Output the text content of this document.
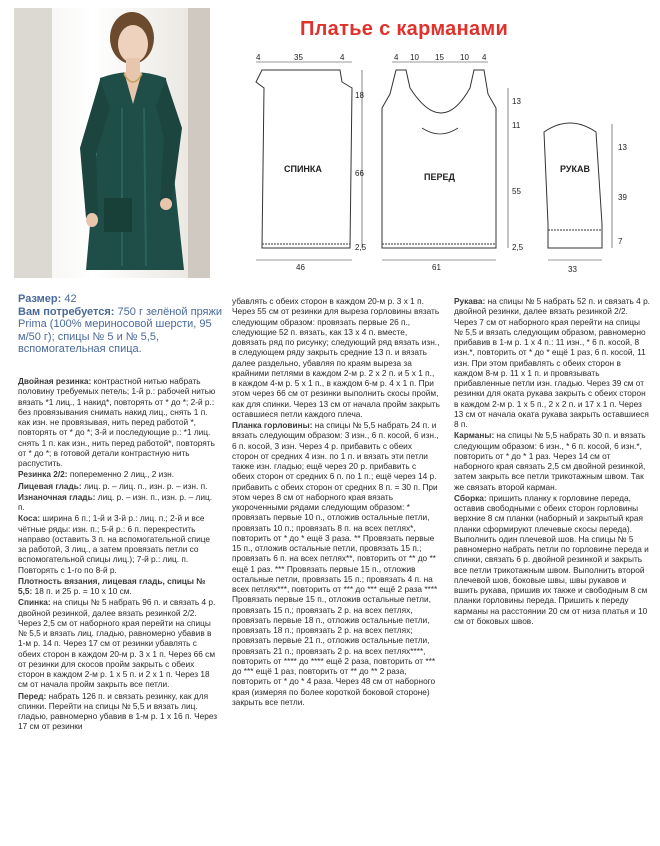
Платье с карманами
4	35	4
18
66
2,5
46
СПИНКА
4 10 15 10 4
13
11
55
2,5
61
ПЕРЕД
13
39
7
33
РУКАВ
Размер: 42
Вам потребуется: 750 г зелёной пряжи Prima (100% мериносовой шерсти, 95 м/50 г); спицы № 5 и № 5,5, вспомогательная спица.

Двойная резинка: контрастной нитью набрать половину требуемых петель; 1-й р.: рабочей нитью вязать *1 лиц., 1 накид*, повторять от * до *; 2-й р.: без провязывания снимать накид лиц., снять 1 п. как изн. не провязывая, нить перед работой *, повторять от * до *; 3-й и последующие р.: *1 лиц. снять 1 п. как изн., нить перед работой*, повторять от * до *; в готовой детали контрастную нить распустить.

Резинка 2/2: попеременно 2 лиц., 2 изн.

Лицевая гладь: лиц. р. – лиц. п., изн. р. – изн. п.

Изнаночная гладь: лиц. р. – изн. п., изн. р. – лиц. п.

Коса: ширина 6 п.; 1-й и 3-й р.: лиц. п.; 2-й и все чётные ряды: изн. п.; 5-й р.: 6 п. перекрестить направо (оставить 3 п. на вспомогательной спице за работой, 3 лиц., а затем провязать петли со вспомогательной спицы лиц.); 7-й р.: лиц. п. Повторять с 1-го по 8-й р.

Плотность вязания, лицевая гладь, спицы № 5,5: 18 п. и 25 р. = 10 х 10 см.

Спинка: на спицы № 5 набрать 96 п. и связать 4 р. двойной резинкой, далее вязать резинкой 2/2. Через 2,5 см от наборного края перейти на спицы № 5,5 и вязать лиц. гладью, равномерно убавив в 1-м р. 14 п. Через 17 см от резинки убавлять с обеих сторон в каждом 20-м р. 3 х 1 п. Через 66 см от резинки для скосов пройм закрыть с обеих сторон в каждом 2-м р. 1 х 5 п. и 2 х 1 п. Через 18 см от начала пройм закрыть все петли.

Перед: набрать 126 п. и связать резинку, как для спинки. Перейти на спицы № 5,5 и вязать лиц. гладью, равномерно убавив в 1-м р. 1 х 16 п. Через 17 см от резинки

убавлять с обеих сторон в каждом 20-м р. 3 х 1 п. Через 55 см от резинки для выреза горловины вязать следующим образом: провязать первые 26 п., следующие 52 п. вязать, как 13 х 4 п. вместе, довязать ряд по рисунку; следующий ряд вязать изн., в следующем ряду закрыть средние 13 п. и вязать далее раздельно, убавляя по краям выреза за крайними петлями в каждом 2-м р. 2 х 2 п. и 5 х 1 п., в каждом 4-м р. 5 х 1 п., в каждом 6-м р. 4 х 1 п. При этом через 66 см от резинки выполнить скосы пройм, как для спинки. Через 13 см от начала пройм закрыть оставшиеся петли каждого плеча.

Планка горловины: на спицы № 5,5 набрать 24 п. и вязать следующим образом: 3 изн., 6 п. косой, 6 изн., 6 п. косой, 3 изн. Через 4 р. прибавить с обеих сторон от средних 4 изн. по 1 п. и вязать эти петли также изн. гладью; ещё через 20 р. прибавить с обеих сторон от средних 6 п. по 1 п.; ещё через 14 р. прибавить с обеих сторон от средних 8 п. = 30 п. При этом через 8 см от наборного края вязать укороченными рядами следующим образом: * провязать первые 10 п., отложив остальные петли, провязать 10 п.; провязать 8 п. на всех петлях*, повторить от * до * ещё 3 раза. ** Провязать первые 15 п., отложив остальные петли, провязать 15 п.; провязать 6 п. на всех петлях**, повторить от ** до ** ещё 1 раз. *** Провязать первые 15 п., отложив остальные петли, провязать 15 п.; провязать 4 п. на всех петлях***, повторить от *** до *** ещё 2 раза **** Провязать первые 15 п., отложив остальные петли, провязать 15 п.; провязать 2 р. на всех петлях, провязать первые 18 п., отложив остальные петли, провязать 18 п.; провязать 2 р. на всех петлях; провязать первые 21 п., отложив остальные петли, провязать 21 п.; провязать 2 р. на всех петлях****, повторить от **** до **** ещё 2 раза, повторить от *** до *** ещё 1 раз, повторить от ** до ** 2 раза, повторить от * до * 4 раза. Через 48 см от наборного края (измеряя по более короткой боковой стороне) закрыть все петли.

Рукава: на спицы № 5 набрать 52 п. и связать 4 р. двойной резинки, далее вязать резинкой 2/2. Через 7 см от наборного края перейти на спицы № 5,5 и вязать следующим образом, равномерно прибавив в 1-м р. 1 х 4 п.: 11 изн., * 6 п. косой, 8 изн.*, повторить от * до * ещё 1 раз, 6 п. косой, 11 изн. При этом прибавлять с обеих сторон в каждом 8-м р. 11 х 1 п. и провязывать прибавленные петли изн. гладью. Через 39 см от резинки для оката рукава закрыть с обеих сторон в каждом 2-м р. 1 х 5 п., 2 х 2 п. и 17 х 1 п. Через 13 см от начала оката рукава закрыть оставшиеся 8 п.

Карманы: на спицы № 5,5 набрать 30 п. и вязать следующим образом: 6 изн., * 6 п. косой, 6 изн.*, повторить от * до * 1 раз. Через 14 см от наборного края связать 2,5 см двойной резинкой, затем закрыть все петли трикотажным швом. Так же связать второй карман.

Сборка: пришить планку к горловине переда, оставив свободными с обеих сторон горловины верхние 8 см планки (наборный и закрытый края планки сформируют плечевые скосы переда). Выполнить один плечевой шов. На спицы № 5 равномерно набрать петли по горловине переда и спинки, связать 6 р. двойной резинкой и закрыть все петли трикотажным швом. Выполнить второй плечевой шов, боковые швы, швы рукавов и вшить рукава, пришив их также и свободным 8 см планки горловины переда. Пришить к переду карманы на расстоянии 20 см от низа платья и 10 см от боковых швов.
